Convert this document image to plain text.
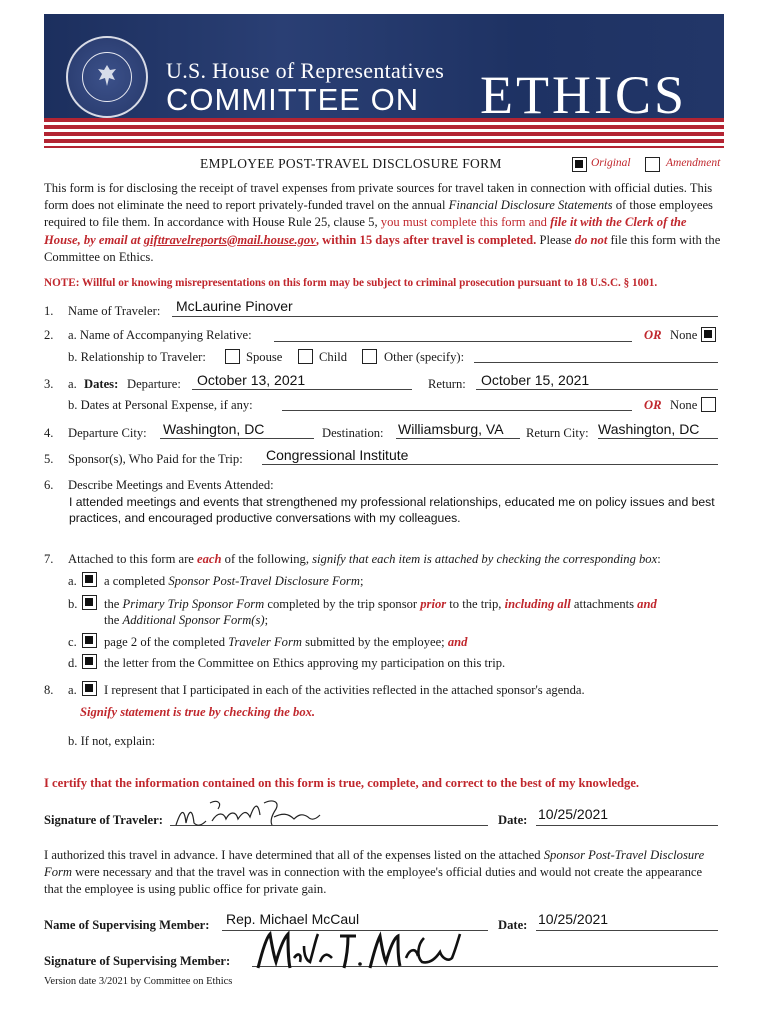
U.S. House of Representatives
COMMITTEE ON ETHICS
EMPLOYEE POST-TRAVEL DISCLOSURE FORM	Original	Amendment
This form is for disclosing the receipt of travel expenses from private sources for travel taken in connection with official duties. This form does not eliminate the need to report privately-funded travel on the annual Financial Disclosure Statements of those employees required to file them. In accordance with House Rule 25, clause 5, you must complete this form and file it with the Clerk of the House, by email at gifttravelreports@mail.house.gov, within 15 days after travel is completed. Please do not file this form with the Committee on Ethics.
NOTE: Willful or knowing misrepresentations on this form may be subject to criminal prosecution pursuant to 18 U.S.C. § 1001.
1. Name of Traveler: McLaurine Pinover
2. a. Name of Accompanying Relative:	OR None
b. Relationship to Traveler:	Spouse	Child	Other (specify):
3. a. Dates: Departure: October 13, 2021	Return: October 15, 2021
b. Dates at Personal Expense, if any:	OR None
4. Departure City: Washington, DC	Destination: Williamsburg, VA Return City: Washington, DC
5. Sponsor(s), Who Paid for the Trip: Congressional Institute
6. Describe Meetings and Events Attended:
I attended meetings and events that strengthened my professional relationships, educated me on policy issues and best practices, and encouraged productive conversations with my colleagues.
7. Attached to this form are each of the following, signify that each item is attached by checking the corresponding box:
a. a completed Sponsor Post-Travel Disclosure Form;
b. the Primary Trip Sponsor Form completed by the trip sponsor prior to the trip, including all attachments and
the Additional Sponsor Form(s);
c. page 2 of the completed Traveler Form submitted by the employee; and
d. the letter from the Committee on Ethics approving my participation on this trip.
8. a. I represent that I participated in each of the activities reflected in the attached sponsor's agenda.
Signify statement is true by checking the box.
b. If not, explain:
I certify that the information contained on this form is true, complete, and correct to the best of my knowledge.
Signature of Traveler:	Date: 10/25/2021
I authorized this travel in advance. I have determined that all of the expenses listed on the attached Sponsor Post-Travel Disclosure Form were necessary and that the travel was in connection with the employee's official duties and would not create the appearance that the employee is using public office for private gain.
Name of Supervising Member: Rep. Michael McCaul	Date: 10/25/2021
Signature of Supervising Member:
Version date 3/2021 by Committee on Ethics
